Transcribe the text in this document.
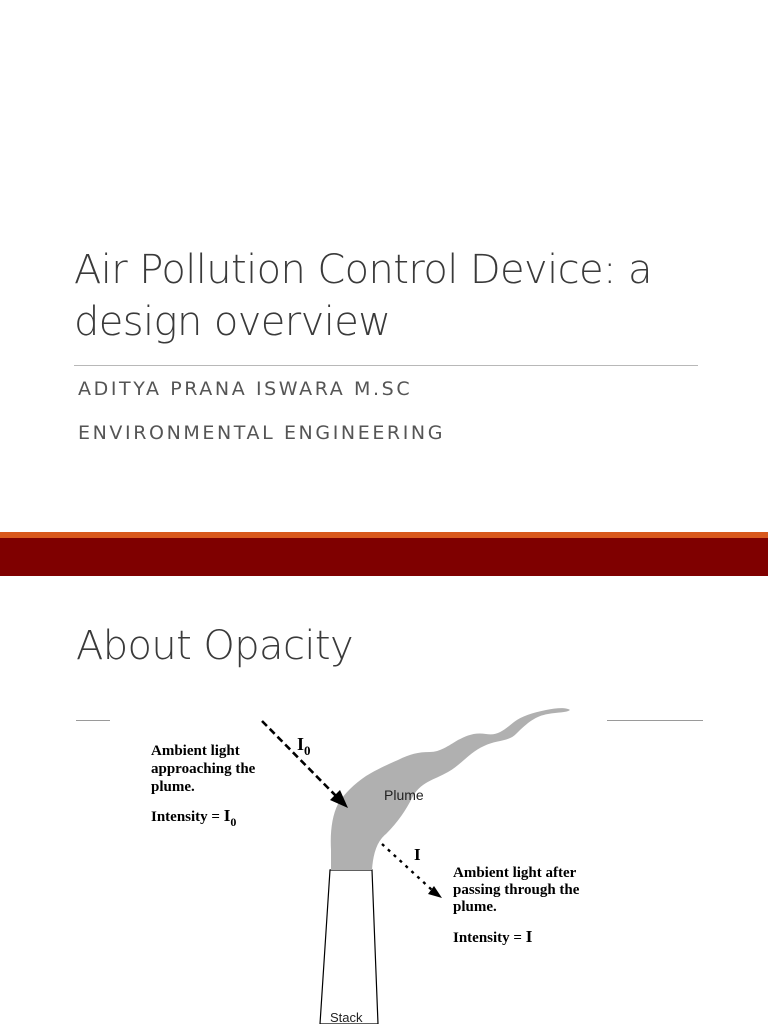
Air Pollution Control Device: a
design overview
ADITYA PRANA ISWARA M.SC
ENVIRONMENTAL ENGINEERING
About Opacity
Stack
Plume
$I_0$
Ambient light
approaching the
plume.
Intensity = $I_0$
I
Ambient light after
passing through the
plume.
Intensity = I
